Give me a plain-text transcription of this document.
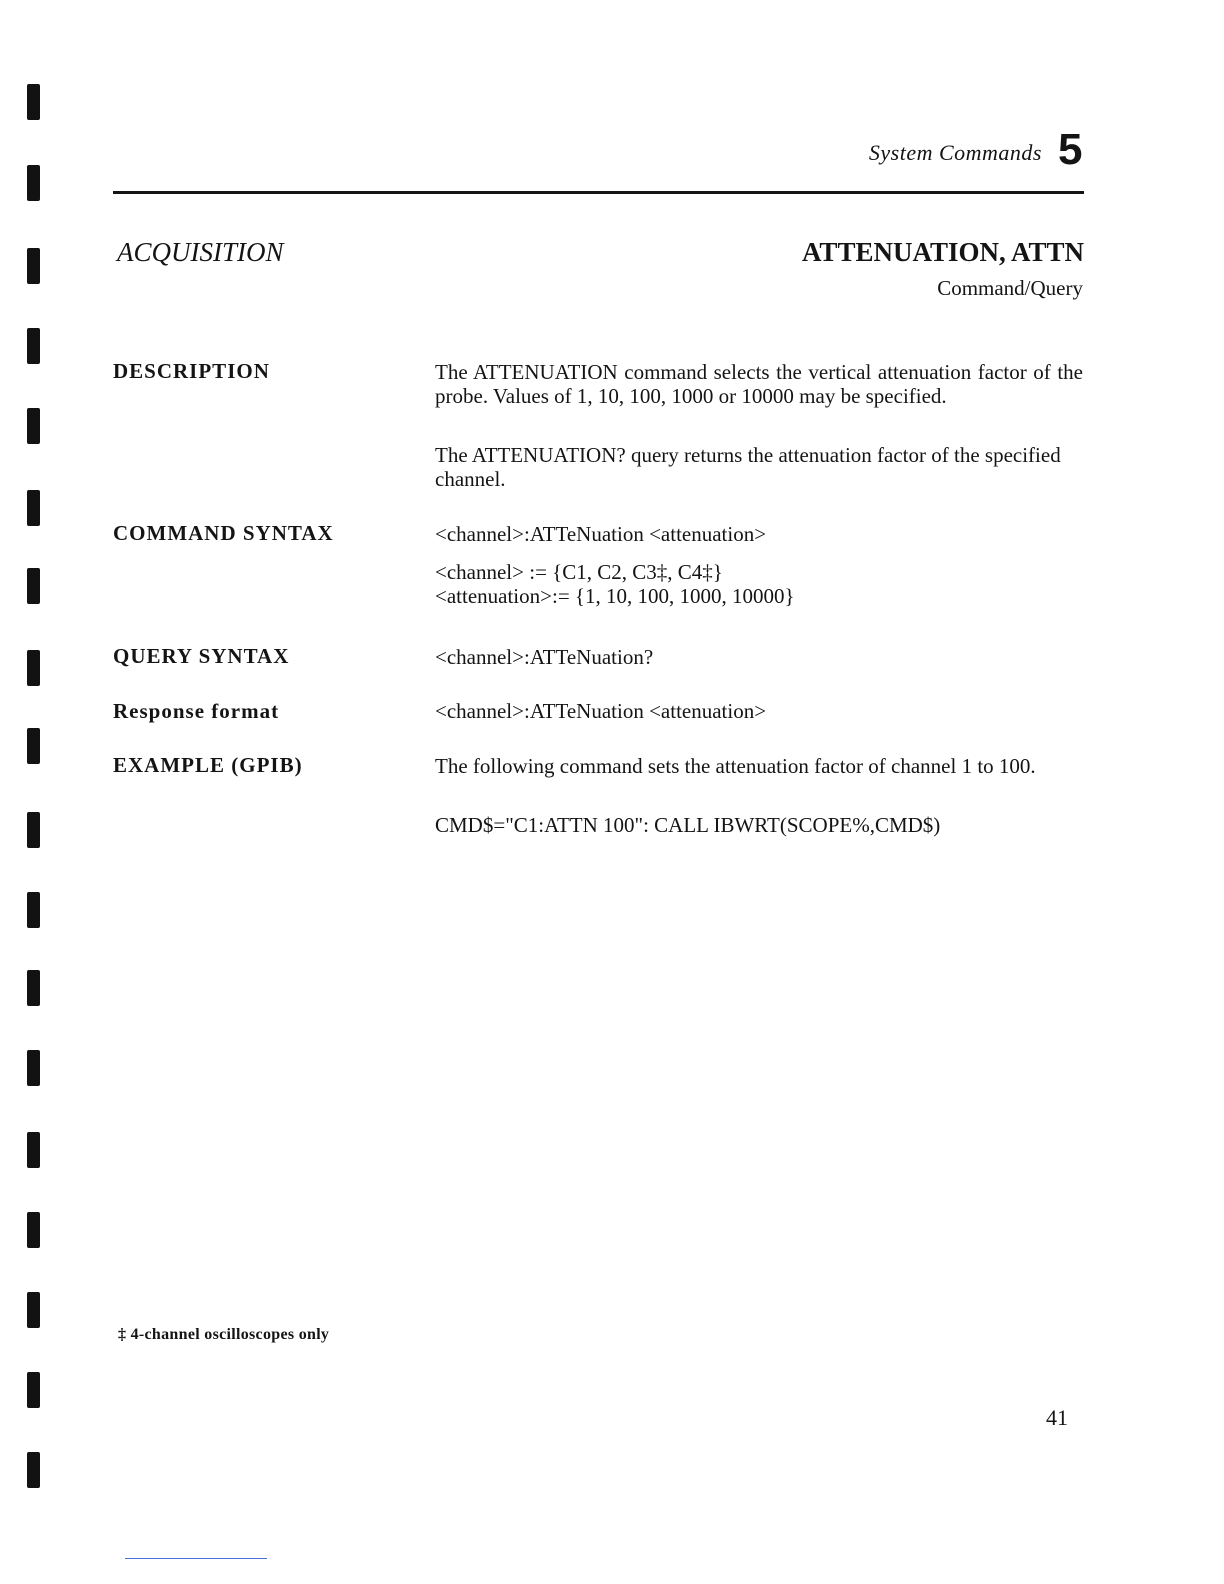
System Commands 5
ACQUISITION	ATTENUATION, ATTN
Command/Query
DESCRIPTION	The ATTENUATION command selects the vertical attenuation factor of the probe. Values of 1, 10, 100, 1000 or 10000 may be specified.
The ATTENUATION? query returns the attenuation factor of the specified channel.
COMMAND SYNTAX	<channel>:ATTeNuation <attenuation>
<channel> := {C1, C2, C3‡, C4‡}
<attenuation>:= {1, 10, 100, 1000, 10000}
QUERY SYNTAX	<channel>:ATTeNuation?
Response format	<channel>:ATTeNuation <attenuation>
EXAMPLE (GPIB)	The following command sets the attenuation factor of channel 1 to 100.
CMD$="C1:ATTN 100": CALL IBWRT(SCOPE%,CMD$)
‡ 4-channel oscilloscopes only
41
